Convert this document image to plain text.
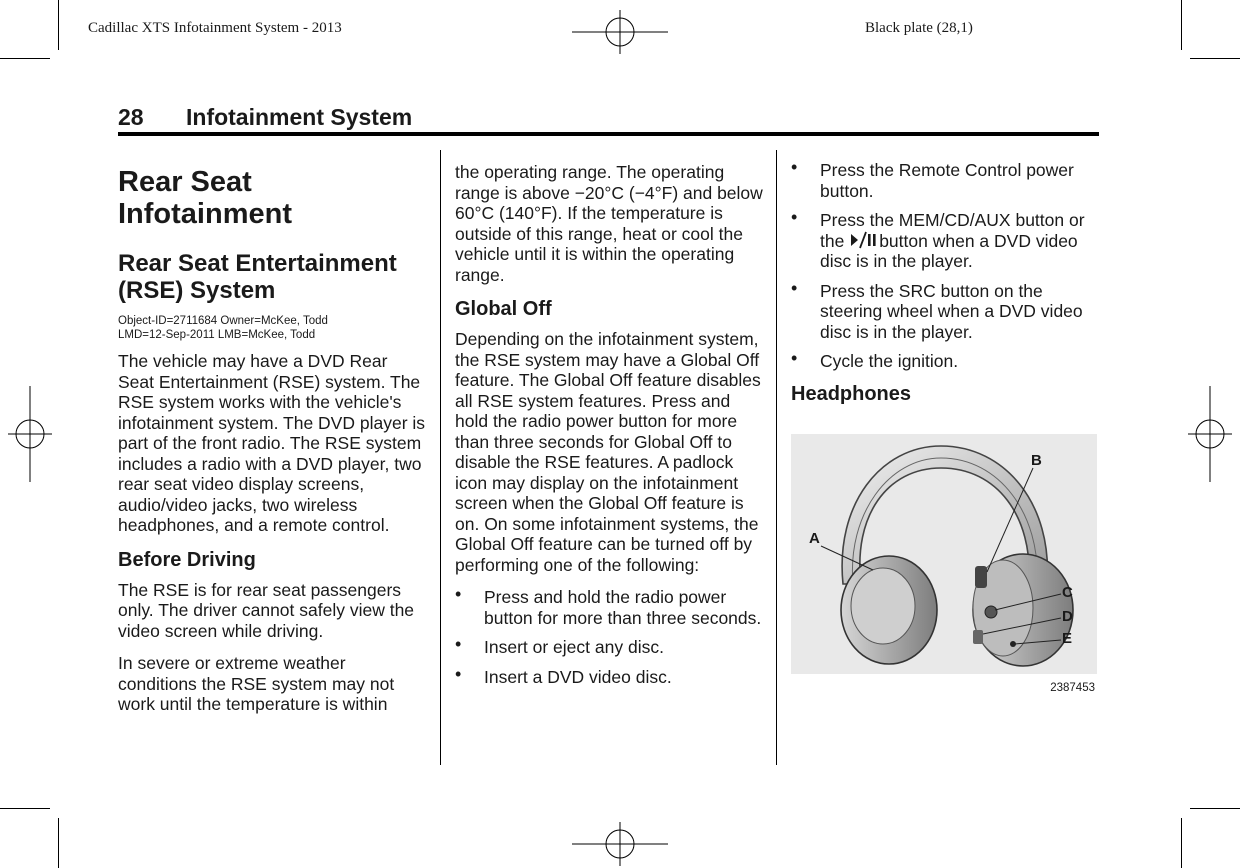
Cadillac XTS Infotainment System - 2013	Black plate (28,1)
28 Infotainment System
Rear Seat Infotainment
Rear Seat Entertainment (RSE) System
Object-ID=2711684 Owner=McKee, Todd
LMD=12-Sep-2011 LMB=McKee, Todd

The vehicle may have a DVD Rear Seat Entertainment (RSE) system. The RSE system works with the vehicle's infotainment system. The DVD player is part of the front radio. The RSE system includes a radio with a DVD player, two rear seat video display screens, audio/video jacks, two wireless headphones, and a remote control.

Before Driving

The RSE is for rear seat passengers only. The driver cannot safely view the video screen while driving.

In severe or extreme weather conditions the RSE system may not work until the temperature is within

the operating range. The operating range is above −20°C (−4°F) and below 60°C (140°F). If the temperature is outside of this range, heat or cool the vehicle until it is within the operating range.

Global Off

Depending on the infotainment system, the RSE system may have a Global Off feature. The Global Off feature disables all RSE system features. Press and hold the radio power button for more than three seconds for Global Off to disable the RSE features. A padlock icon may display on the infotainment screen when the Global Off feature is on. On some infotainment systems, the Global Off feature can be turned off by performing one of the following:

• Press and hold the radio power button for more than three seconds.
• Insert or eject any disc.
• Insert a DVD video disc.
• Press the Remote Control power button.
• Press the MEM/CD/AUX button or the button when a DVD video disc is in the player.
• Press the SRC button on the steering wheel when a DVD video disc is in the player.
• Cycle the ignition.
Headphones
A
B
C
D
E
2387453
